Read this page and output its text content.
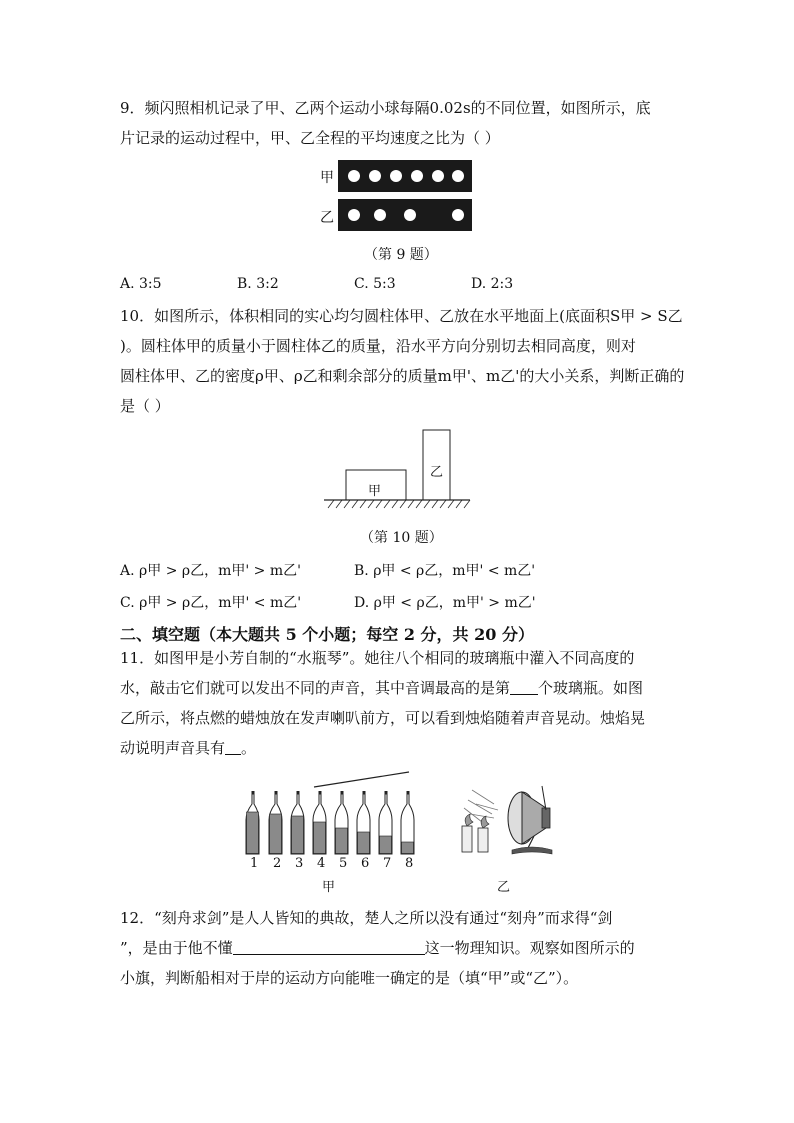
9．频闪照相机记录了甲、乙两个运动小球每隔0.02s的不同位置，如图所示，底
片记录的运动过程中，甲、乙全程的平均速度之比为（ ）
甲
乙
（第 9 题）
A. 3:5	B. 3:2	C. 5:3	D. 2:3
10．如图所示，体积相同的实心均匀圆柱体甲、乙放在水平地面上(底面积S甲 > S乙
)。圆柱体甲的质量小于圆柱体乙的质量，沿水平方向分别切去相同高度，则对
圆柱体甲、乙的密度ρ甲、ρ乙和剩余部分的质量m甲'、m乙'的大小关系，判断正确的
是（ ）
甲
乙
（第 10 题）
A. ρ甲 > ρ乙，m甲' > m乙'	B. ρ甲 < ρ乙，m甲' < m乙'
C. ρ甲 > ρ乙，m甲' < m乙'	D. ρ甲 < ρ乙，m甲' > m乙'
二、填空题（本大题共 5 个小题；每空 2 分，共 20 分）
11．如图甲是小芳自制的“水瓶琴”。她往八个相同的玻璃瓶中灌入不同高度的
水，敲击它们就可以发出不同的声音，其中音调最高的是第 个玻璃瓶。如图
乙所示，将点燃的蜡烛放在发声喇叭前方，可以看到烛焰随着声音晃动。烛焰晃
动说明声音具有 。
1 2 3 4 5 6 7 8
甲	乙
12．“刻舟求剑”是人人皆知的典故，楚人之所以没有通过“刻舟”而求得“剑
”，是由于他不懂	这一物理知识。观察如图所示的
小旗，判断船相对于岸的运动方向能唯一确定的是（填“甲”或“乙”）。
